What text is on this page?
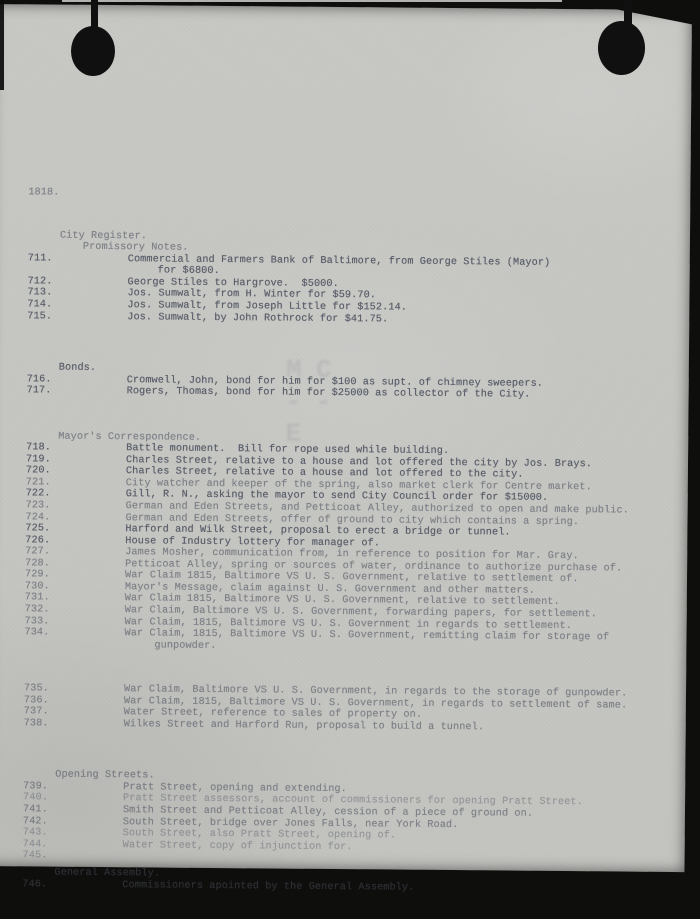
C-M-E

1818.

City Register.
Promissory Notes.
711.	Commercial and Farmers Bank of Baltimore, from George Stiles (Mayor)
for $6800.
712.	George Stiles to Hargrove.  $5000.
713.	Jos. Sumwalt, from H. Winter for $59.70.
714.	Jos. Sumwalt, from Joseph Little for $152.14.
715.	Jos. Sumwalt, by John Rothrock for $41.75.
Bonds.
716.	Cromwell, John, bond for him for $100 as supt. of chimney sweepers.
717.	Rogers, Thomas, bond for him for $25000 as collector of the City.
Mayor's Correspondence.
718.	Battle monument.  Bill for rope used while building.
719.	Charles Street, relative to a house and lot offered the city by Jos. Brays.
720.	Charles Street, relative to a house and lot offered to the city.
721.	City watcher and keeper of the spring, also market clerk for Centre market.
722.	Gill, R. N., asking the mayor to send City Council order for $15000.
723.	German and Eden Streets, and Petticoat Alley, authorized to open and make public.
724.	German and Eden Streets, offer of ground to city which contains a spring.
725.	Harford and Wilk Street, proposal to erect a bridge or tunnel.
726.	House of Industry lottery for manager of.
727.	James Mosher, communication from, in reference to position for Mar. Gray.
728.	Petticoat Alley, spring or sources of water, ordinance to authorize purchase of.
729.	War Claim 1815, Baltimore VS U. S. Government, relative to settlement of.
730.	Mayor's Message, claim against U. S. Government and other matters.
731.	War Claim 1815, Baltimore VS U. S. Government, relative to settlement.
732.	War Claim, Baltimore VS U. S. Government, forwarding papers, for settlement.
733.	War Claim, 1815, Baltimore VS U. S. Government in regards to settlement.
734.	War Claim, 1815, Baltimore VS U. S. Government, remitting claim for storage of
gunpowder.
735.	War Claim, Baltimore VS U. S. Government, in regards to the storage of gunpowder.
736.	War Claim, 1815, Baltimore VS U. S. Government, in regards to settlement of same.
737.	Water Street, reference to sales of property on.
738.	Wilkes Street and Harford Run, proposal to build a tunnel.
Opening Streets.
739.	Pratt Street, opening and extending.
740.	Pratt Street assessors, account of commissioners for opening Pratt Street.
741.	Smith Street and Petticoat Alley, cession of a piece of ground on.
742.	South Street, bridge over Jones Falls, near York Road.
743.	South Street, also Pratt Street, opening of.
744.	Water Street, copy of injunction for.
745.
General Assembly.
746.	Commissioners apointed by the General Assembly.
